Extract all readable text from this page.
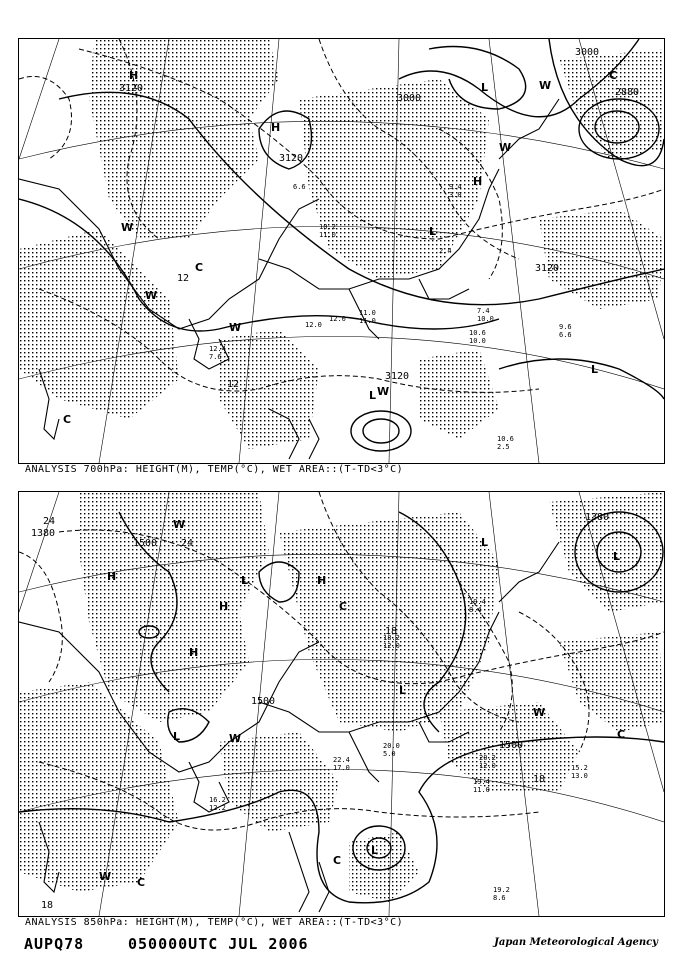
3120
3120
3000
3000
2880
3120
3120
12
12
H
H
H
L
L
L
L
W
W
W
W
W
W
C
C
C
7.4
10.0
10.6
10.0
9.6
6.6
10.6
2.5
11.0
11.0
12.0
12.0
12.4
7.6
6.6
2.4
9.4
3.0
10.2
11.0
ANALYSIS 700hPa: HEIGHT(M), TEMP(°C), WET AREA::(T-TD<3°C)
1380
1500
1500
1380
1500
24
24
18
18
18
H
H
H
H
L
L
L
L
L
L
W
W
W
W
C
C
C
C
20.2
12.0
19.4
11.0
15.2
13.0
19.2
8.6
18.2
12.0
16.2
12.2
20.0
5.0
22.4
17.0
19.4
8.4
ANALYSIS 850hPa: HEIGHT(M), TEMP(°C), WET AREA::(T-TD<3°C)
AUPQ78	050000UTC JUL 2006	Japan Meteorological Agency
